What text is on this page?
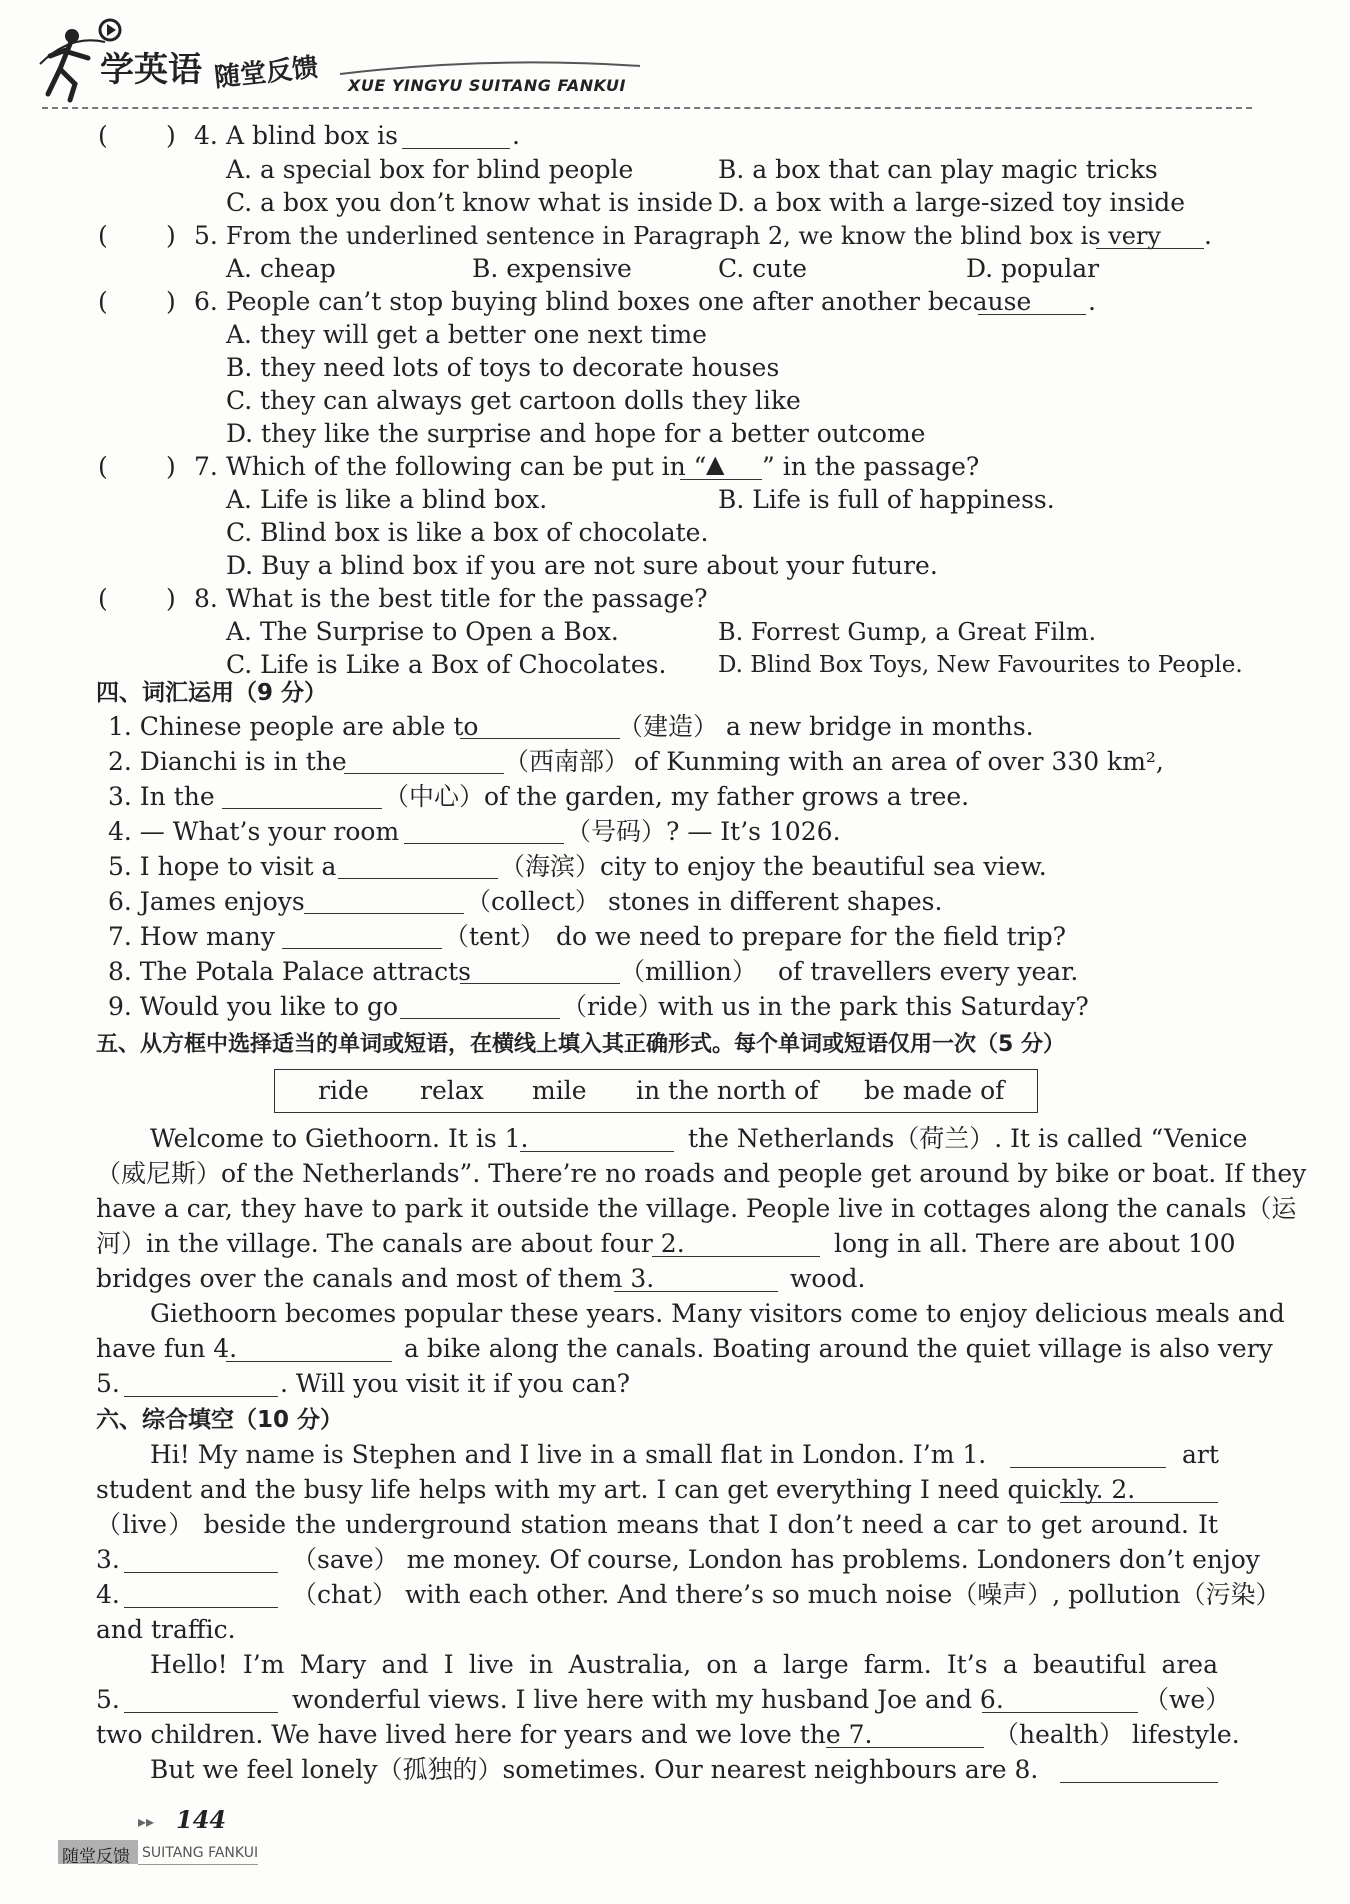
学英语 随堂反馈 XUE YINGYU SUITANG FANKUI
( ) 4. A blind box is	.
A. a special box for blind people	B. a box that can play magic tricks
C. a box you don’t know what is inside D. a box with a large-sized toy inside
( ) 5. From the underlined sentence in Paragraph 2, we know the blind box is very .
A. cheap	B. expensive	C. cute	D. popular
( ) 6. People can’t stop buying blind boxes one after another because .
A. they will get a better one next time
B. they need lots of toys to decorate houses
C. they can always get cartoon dolls they like
D. they like the surprise and hope for a better outcome
( ) 7. Which of the following can be put in “ ▲ ” in the passage?
A. Life is like a blind box.	B. Life is full of happiness.
C. Blind box is like a box of chocolate.
D. Buy a blind box if you are not sure about your future.
( ) 8. What is the best title for the passage?
A. The Surprise to Open a Box.	B. Forrest Gump, a Great Film.
C. Life is Like a Box of Chocolates. D. Blind Box Toys, New Favourites to People.
四、词汇运用（9 分）
1. Chinese people are able to	（建造） a new bridge in months.
2. Dianchi is in the	（西南部） of Kunming with an area of over 330 km²,
3. In the	（中心） of the garden, my father grows a tree.
4. — What’s your room	（号码） ? — It’s 1026.
5. I hope to visit a	（海滨） city to enjoy the beautiful sea view.
6. James enjoys	（collect） stones in different shapes.
7. How many	（tent） do we need to prepare for the field trip?
8. The Potala Palace attracts	（million） of travellers every year.
9. Would you like to go	（ride）
with us in the park this Saturday?
五、从方框中选择适当的单词或短语，在横线上填入其正确形式。每个单词或短语仅用一次（5 分）
ride relax mile in the north of be made of
Welcome to Giethoorn. It is 1.	the Netherlands（荷兰）. It is called “Venice
（威尼斯）of the Netherlands”. There’re no roads and people get around by bike or boat. If they
have a car, they have to park it outside the village. People live in cottages along the canals（运
河）in the village. The canals are about four 2.	long in all. There are about 100
bridges over the canals and most of them 3.	wood.
Giethoorn becomes popular these years. Many visitors come to enjoy delicious meals and
have fun 4.	a bike along the canals. Boating around the quiet village is also very
5.	. Will you visit it if you can?
六、综合填空（10 分）
Hi! My name is Stephen and I live in a small flat in London. I’m 1.	art
student and the busy life helps with my art. I can get everything I need quickly. 2.
（live） beside the underground station means that I don’t need a car to get around. It
3.	（save） me money. Of course, London has problems. Londoners don’t enjoy
4.	（chat） with each other. And there’s so much noise（噪声）, pollution（污染）
and traffic.
Hello! I’m Mary and I live in Australia, on a large farm. It’s a beautiful area
5.	wonderful views. I live here with my husband Joe and 6.	（we）
two children. We have lived here for years and we love the 7.	（health） lifestyle.
But we feel lonely（孤独的）sometimes. Our nearest neighbours are 8.
▸▸ 144
随堂反馈 SUITANG FANKUI
